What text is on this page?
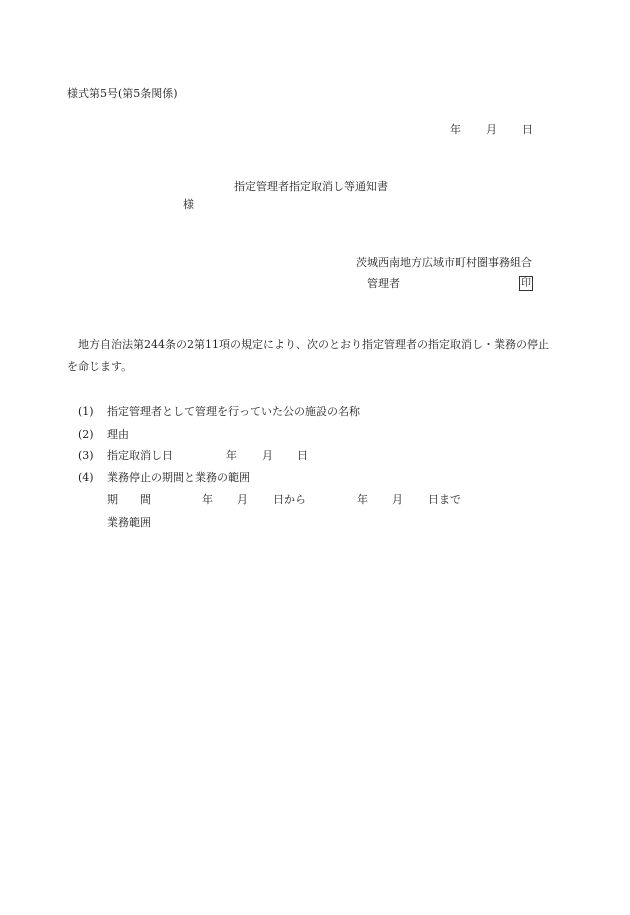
様式第5号(第5条関係)
年 月 日
指定管理者指定取消し等通知書
様
茨城西南地方広域市町村圏事務組合
管理者	印
地方自治法第244条の2第11項の規定により、次のとおり指定管理者の指定取消し・業務の停止を命じます。
(1) 指定管理者として管理を行っていた公の施設の名称
(2) 理由
(3) 指定取消し日	年 月 日
(4) 業務停止の期間と業務の範囲
期　　間	年 月 日から	年 月 日まで
業務範囲
